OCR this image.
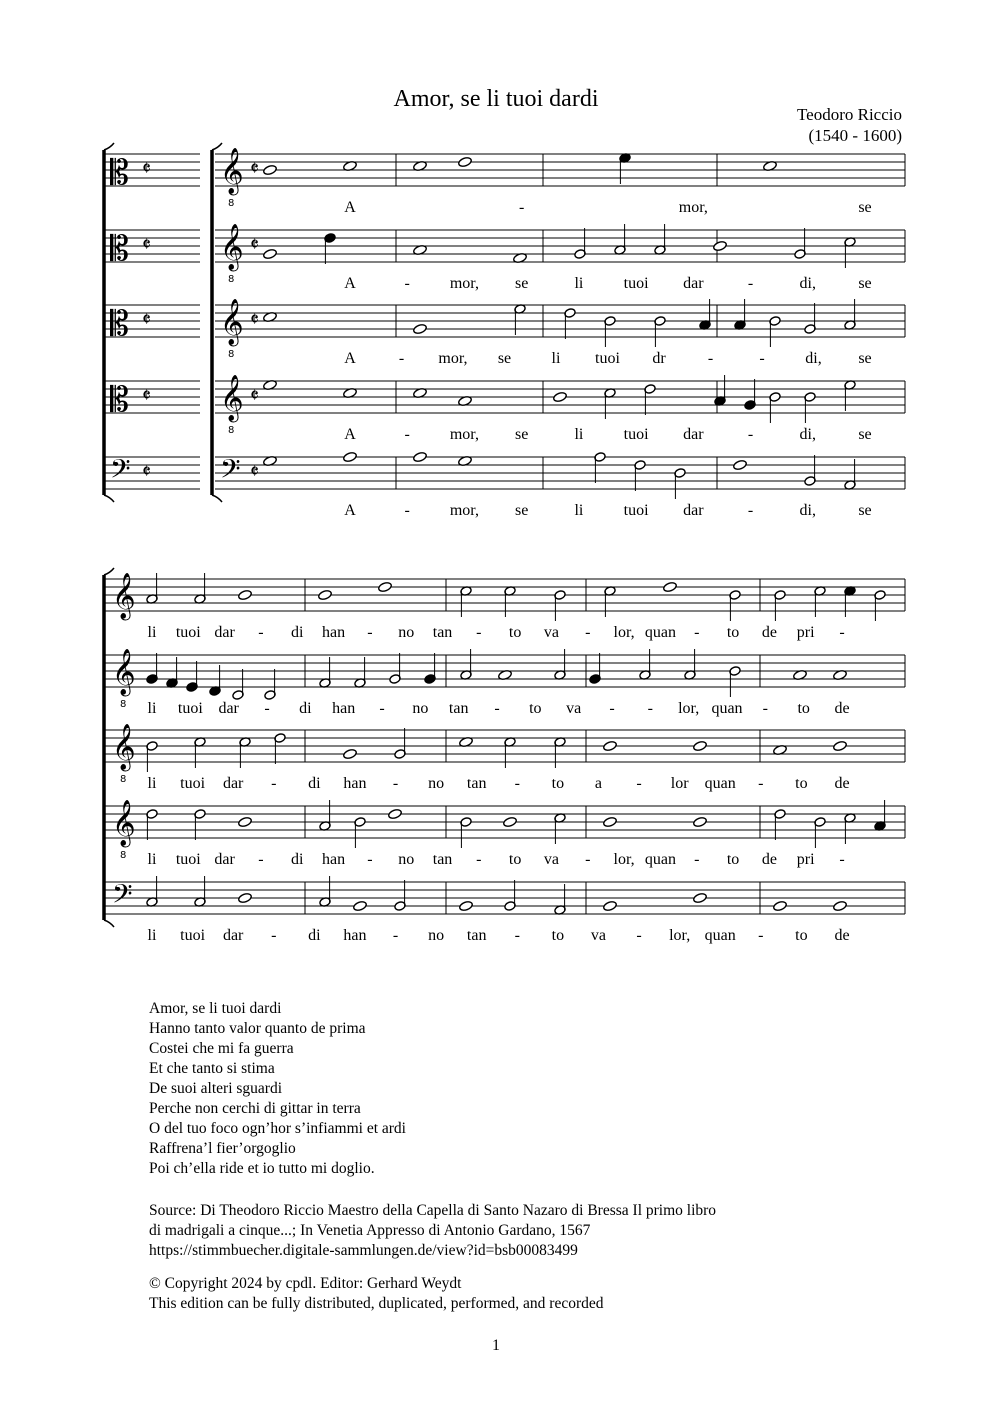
Amor, se li tuoi dardi
Teodoro Riccio
(1540 - 1600)
𝄡 𝄵 𝄞
8
𝄵
𝄡 𝄵 𝄞
8
𝄵
𝄡 𝄵 𝄞
8
𝄵
𝄡 𝄵 𝄞
8
𝄵
𝄢 𝄵 𝄢 𝄵
𝄞
𝄞
8
𝄞
8
𝄞
8
𝄢
A	-	mor,	se
A	- mor, se	li	tuoi dar	-	di,	se
A	- mor, se	li tuoi dr	-	-	di, se
A	- mor, se	li	tuoi dar	-	di,	se
A	- mor, se	li	tuoi dar	-	di,	se
li tuoi dar - di han - no tan - to va - lor, quan - to de pri -
li tuoi dar - di han - no tan - to va - - lor, quan - to de
li tuoi dar - di han - no tan - to a - lor quan - to de
li tuoi dar - di han - no tan - to va - lor, quan - to de pri -
li tuoi dar - di han - no tan - to va - lor, quan - to de
Amor, se li tuoi dardi
Hanno tanto valor quanto de prima
Costei che mi fa guerra
Et che tanto si stima
De suoi alteri sguardi
Perche non cerchi di gittar in terra
O del tuo foco ogn’hor s’infiammi et ardi
Raffrena’l fier’orgoglio
Poi ch’ella ride et io tutto mi doglio.
Source: Di Theodoro Riccio Maestro della Capella di Santo Nazaro di Bressa Il primo libro
di madrigali a cinque...; In Venetia Appresso di Antonio Gardano, 1567
https://stimmbuecher.digitale-sammlungen.de/view?id=bsb00083499
© Copyright 2024 by cpdl. Editor: Gerhard Weydt
This edition can be fully distributed, duplicated, performed, and recorded
1
